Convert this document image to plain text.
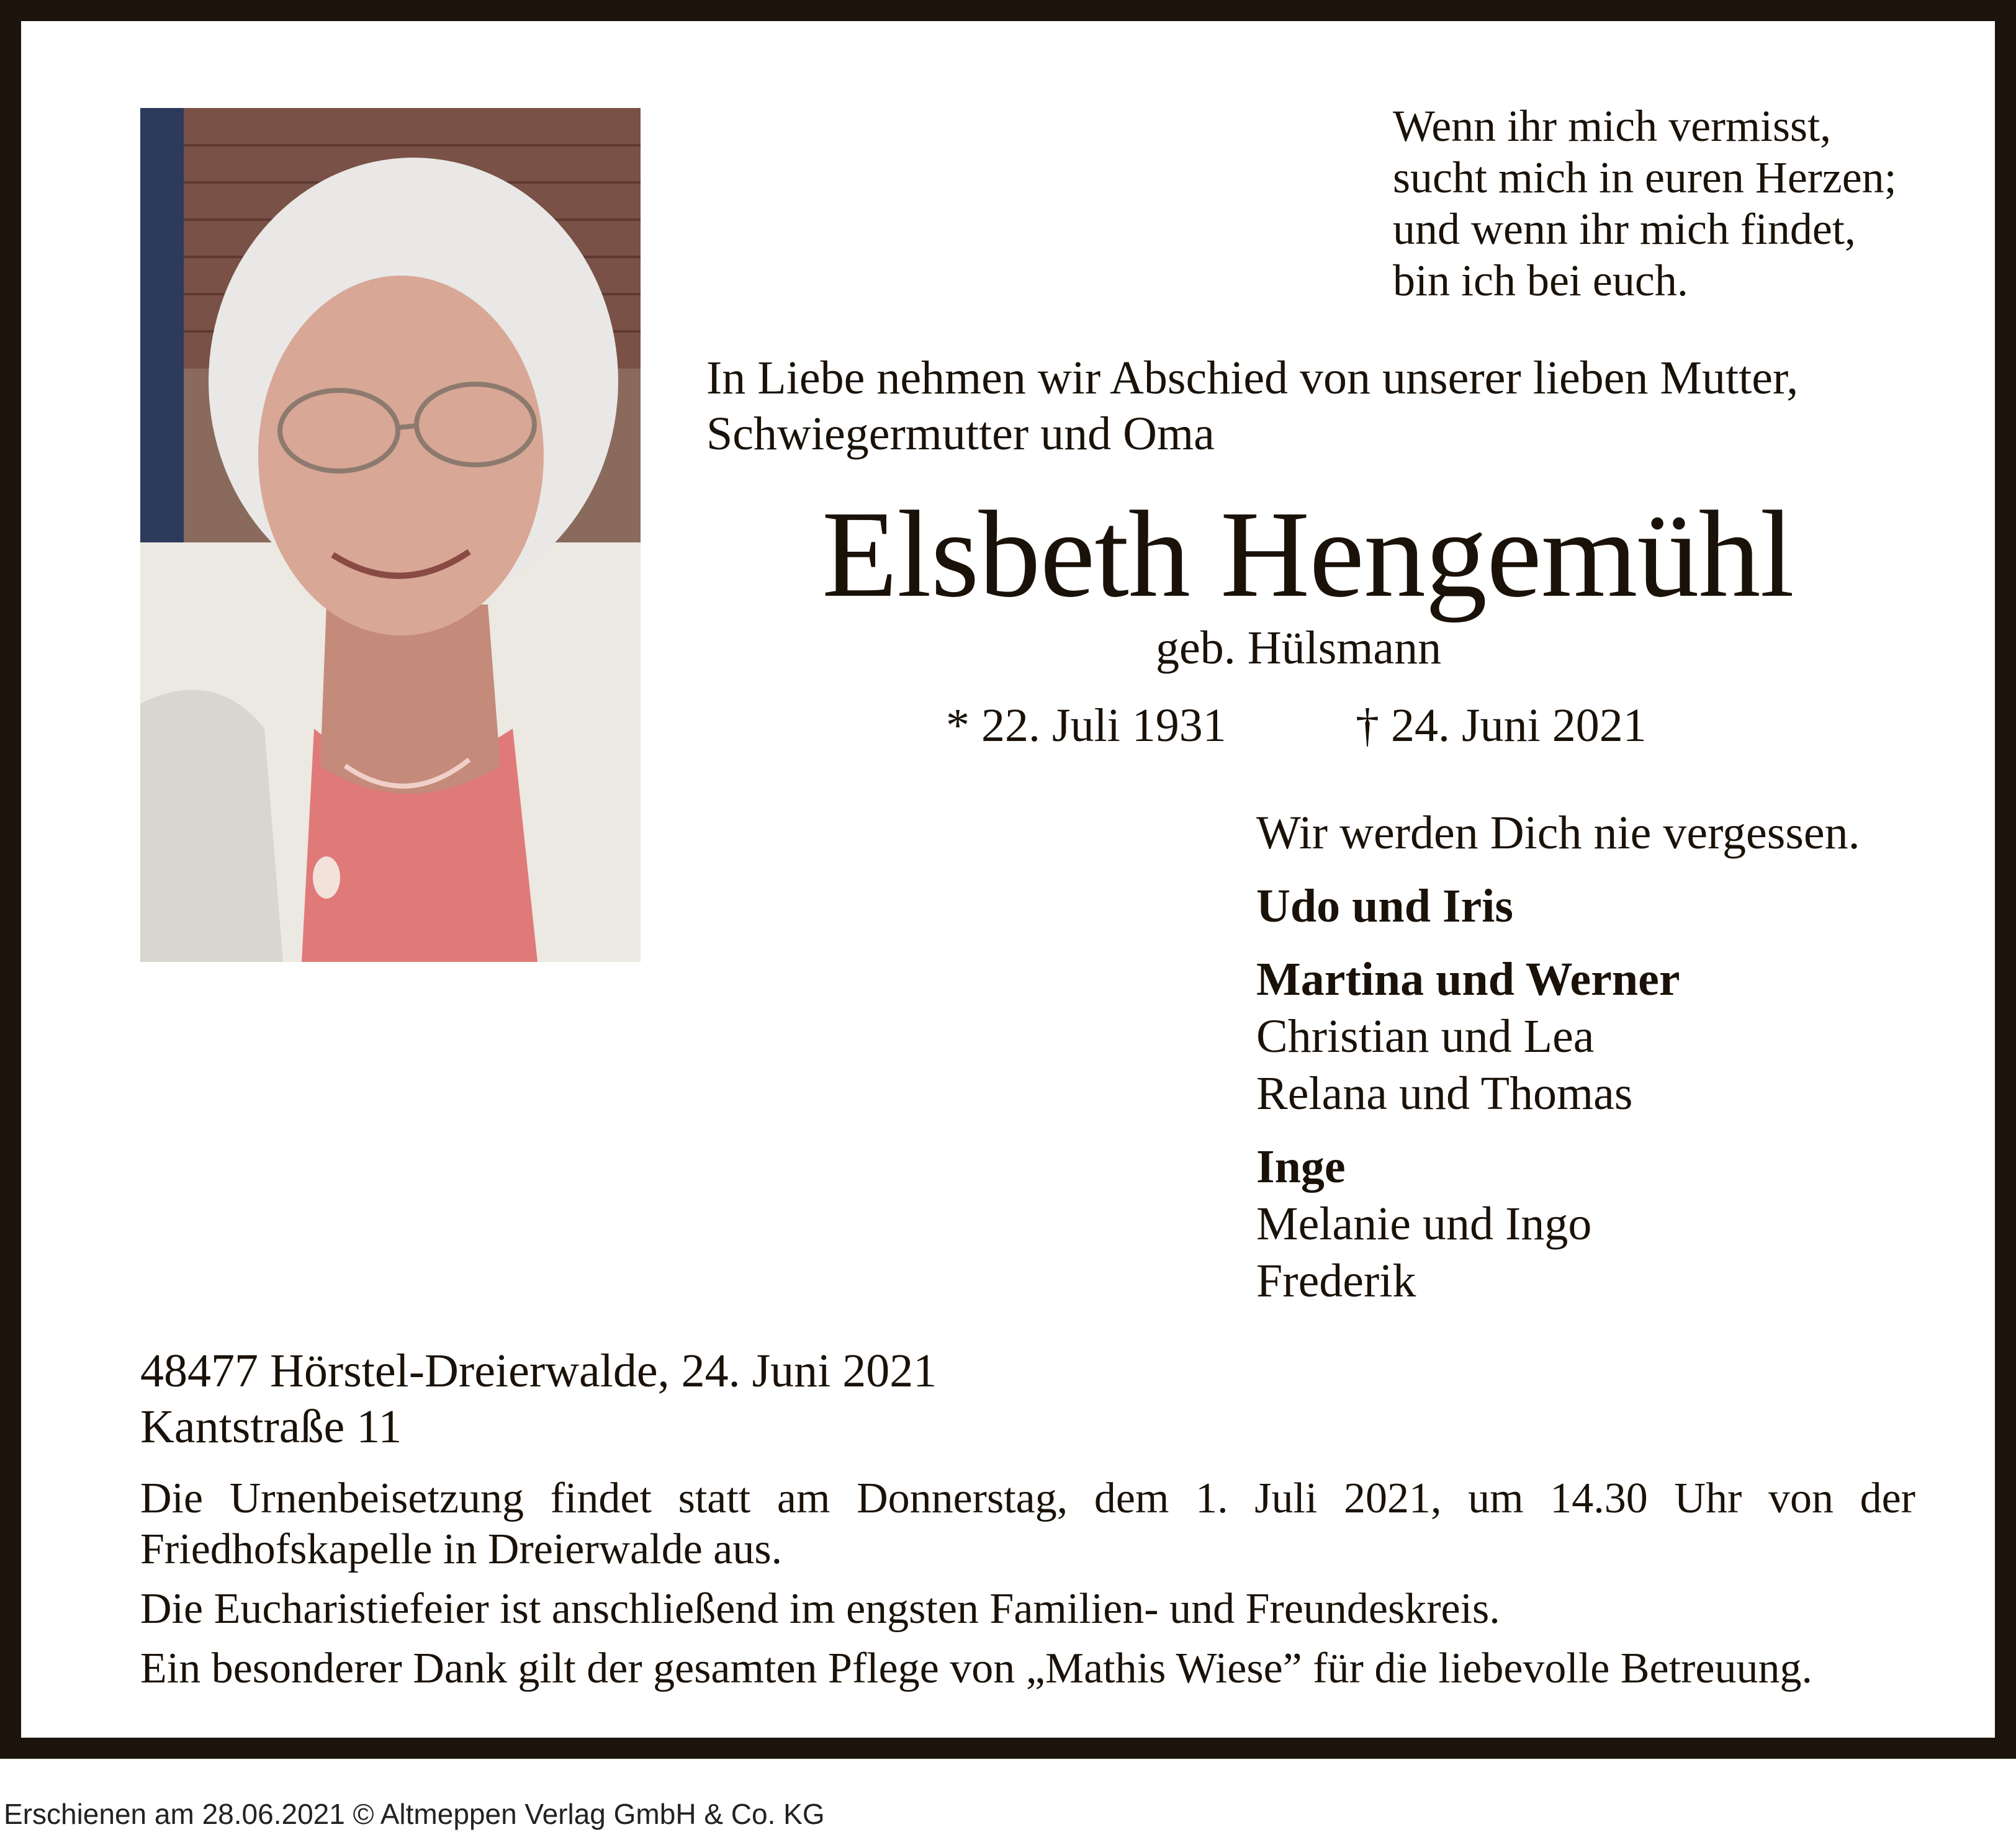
Wenn ihr mich vermisst,
sucht mich in euren Herzen;
und wenn ihr mich findet,
bin ich bei euch.
In Liebe nehmen wir Abschied von unserer lieben Mutter,
Schwiegermutter und Oma
Elsbeth Hengemühl
geb. Hülsmann
* 22. Juli 1931	† 24. Juni 2021
Wir werden Dich nie vergessen.
Udo und Iris
Martina und Werner
Christian und Lea
Relana und Thomas
Inge
Melanie und Ingo
Frederik
48477 Hörstel-Dreierwalde, 24. Juni 2021
Kantstraße 11

Die Urnenbeisetzung findet statt am Donnerstag, dem 1. Juli 2021, um 14.30 Uhr von der Friedhofskapelle in Dreierwalde aus.

Die Eucharistiefeier ist anschließend im engsten Familien- und Freundeskreis.

Ein besonderer Dank gilt der gesamten Pflege von „Mathis Wiese” für die liebevolle Betreuung.

Erschienen am 28.06.2021 © Altmeppen Verlag GmbH & Co. KG
